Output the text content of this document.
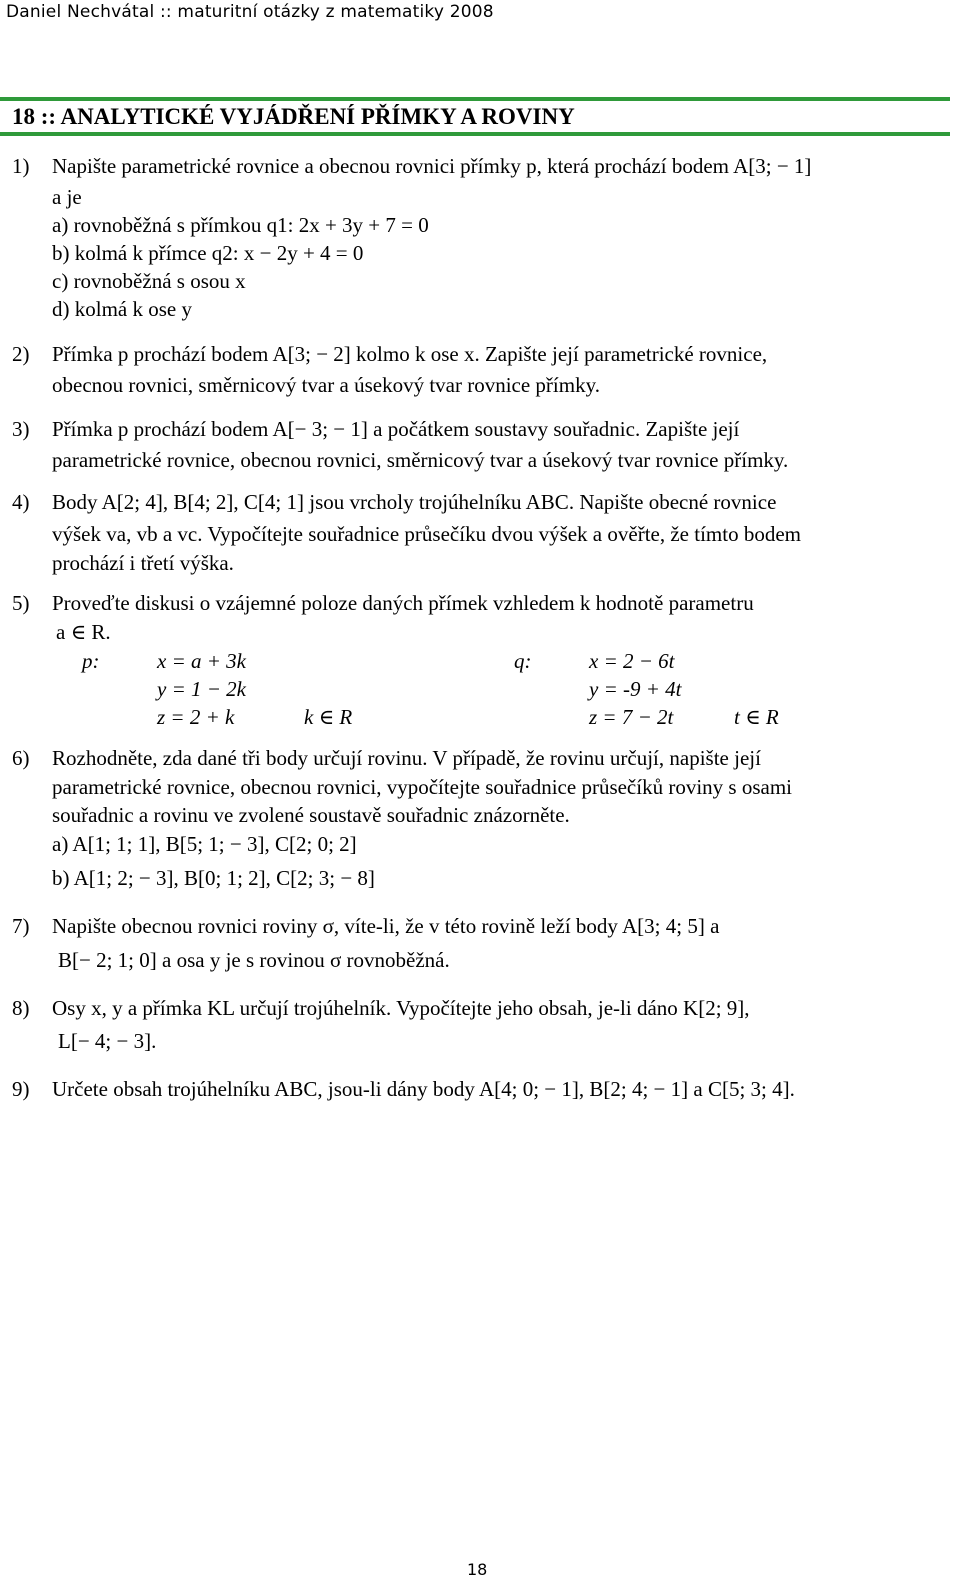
Daniel Nechvátal :: maturitní otázky z matematiky 2008
18 :: ANALYTICKÉ VYJÁDŘENÍ PŘÍMKY A ROVINY
1) Napište parametrické rovnice a obecnou rovnici přímky p, která prochází bodem A[3; − 1]
a je
a) rovnoběžná s přímkou q1: 2x + 3y + 7 = 0
b) kolmá k přímce q2: x − 2y + 4 = 0
c) rovnoběžná s osou x
d) kolmá k ose y
2) Přímka p prochází bodem A[3; − 2] kolmo k ose x. Zapište její parametrické rovnice,
obecnou rovnici, směrnicový tvar a úsekový tvar rovnice přímky.
3) Přímka p prochází bodem A[− 3; − 1] a počátkem soustavy souřadnic. Zapište její
parametrické rovnice, obecnou rovnici, směrnicový tvar a úsekový tvar rovnice přímky.
4) Body A[2; 4], B[4; 2], C[4; 1] jsou vrcholy trojúhelníku ABC. Napište obecné rovnice
výšek va, vb a vc. Vypočítejte souřadnice průsečíku dvou výšek a ověřte, že tímto bodem
prochází i třetí výška.
5) Proveďte diskusi o vzájemné poloze daných přímek vzhledem k hodnotě parametru
a ∈ R.
p:	x = a + 3k
y = 1 − 2k
z = 2 + k	k ∈ R
q:	x = 2 − 6t
y = -9 + 4t
z = 7 − 2t	t ∈ R
6) Rozhodněte, zda dané tři body určují rovinu. V případě, že rovinu určují, napište její
parametrické rovnice, obecnou rovnici, vypočítejte souřadnice průsečíků roviny s osami
souřadnic a rovinu ve zvolené soustavě souřadnic znázorněte.
a) A[1; 1; 1], B[5; 1; − 3], C[2; 0; 2]
b) A[1; 2; − 3], B[0; 1; 2], C[2; 3; − 8]
7) Napište obecnou rovnici roviny σ, víte-li, že v této rovině leží body A[3; 4; 5] a
B[− 2; 1; 0] a osa y je s rovinou σ rovnoběžná.
8) Osy x, y a přímka KL určují trojúhelník. Vypočítejte jeho obsah, je-li dáno K[2; 9],
L[− 4; − 3].
9) Určete obsah trojúhelníku ABC, jsou-li dány body A[4; 0; − 1], B[2; 4; − 1] a C[5; 3; 4].
18
